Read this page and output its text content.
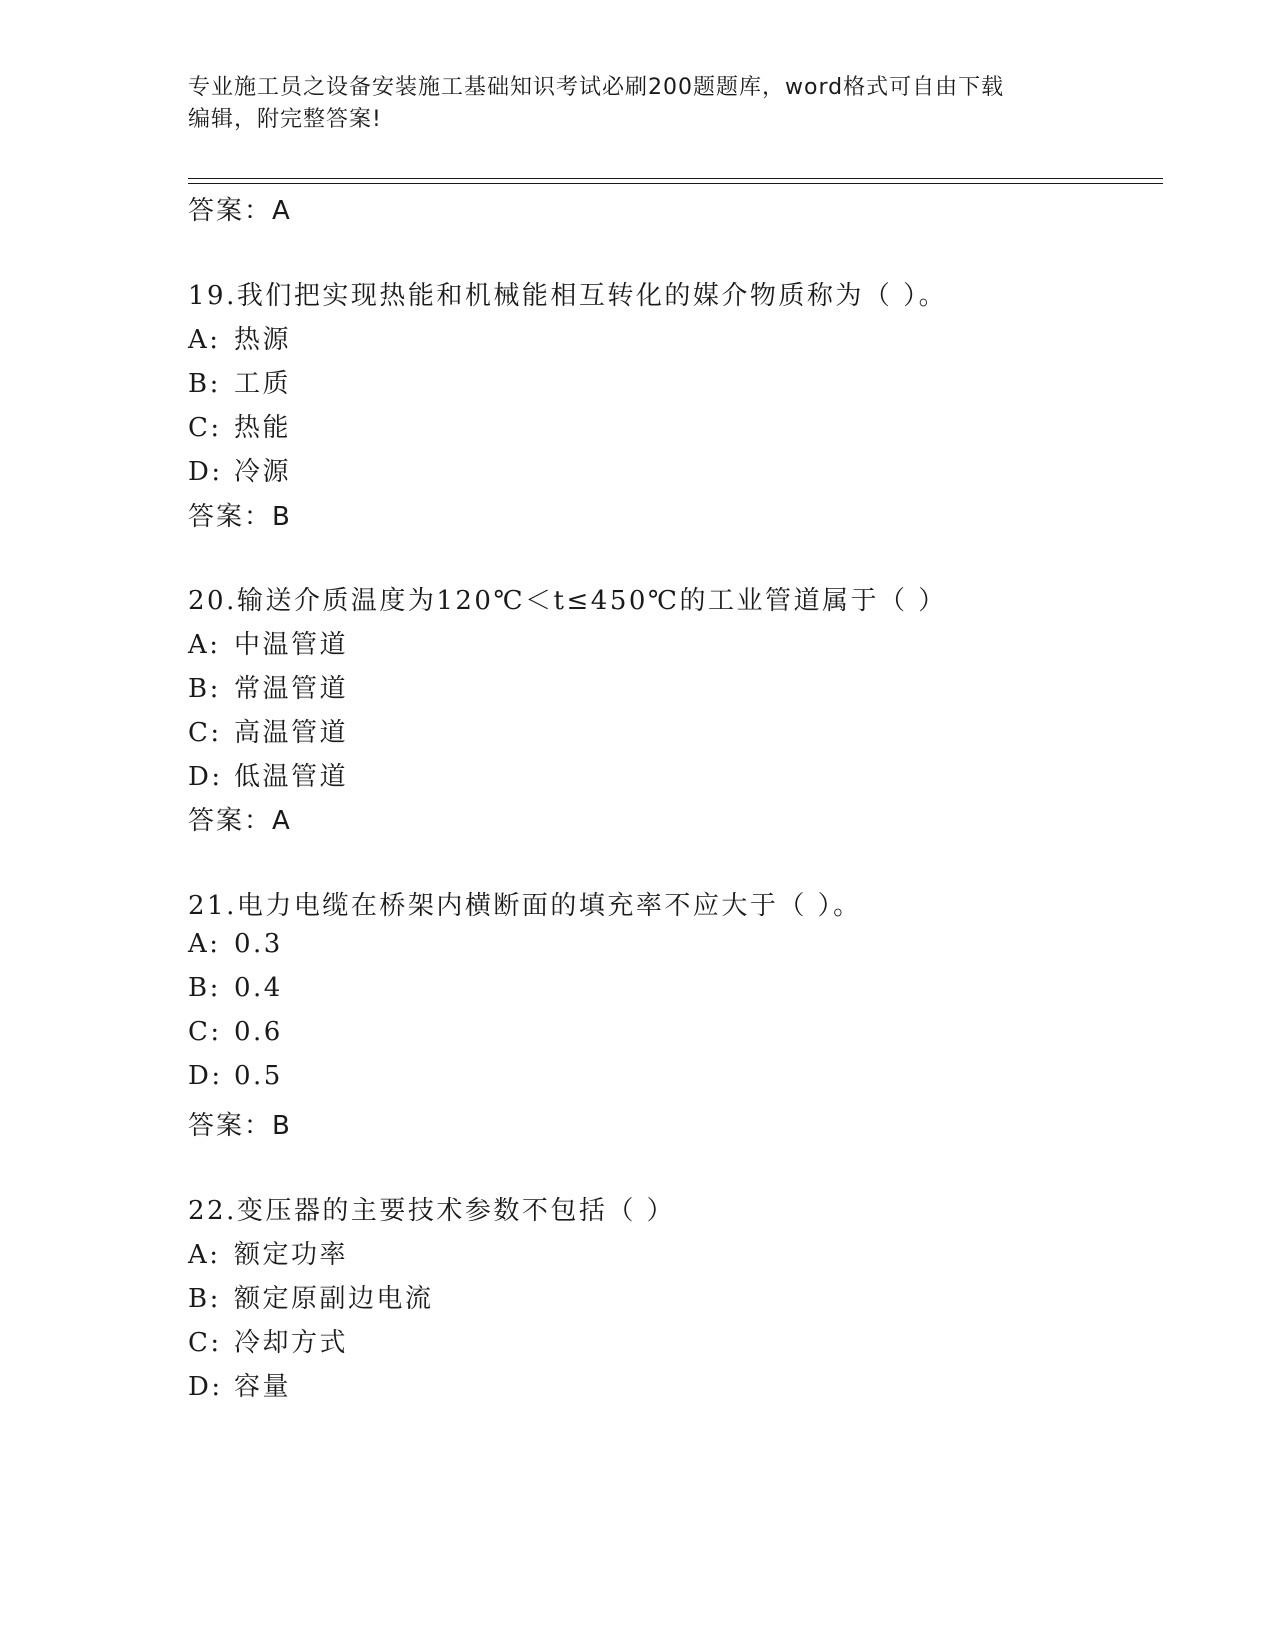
专业施工员之设备安装施工基础知识考试必刷200题题库，word格式可自由下载
编辑，附完整答案!
答案：A
19.我们把实现热能和机械能相互转化的媒介物质称为（ ）。
A: 热源
B: 工质
C: 热能
D: 冷源
答案：B
20.输送介质温度为120℃＜t≤450℃的工业管道属于（ ）
A: 中温管道
B: 常温管道
C: 高温管道
D: 低温管道
答案：A
21.电力电缆在桥架内横断面的填充率不应大于（ ）。
A: 0.3
B: 0.4
C: 0.6
D: 0.5
答案：B
22.变压器的主要技术参数不包括（ ）
A: 额定功率
B: 额定原副边电流
C: 冷却方式
D: 容量
